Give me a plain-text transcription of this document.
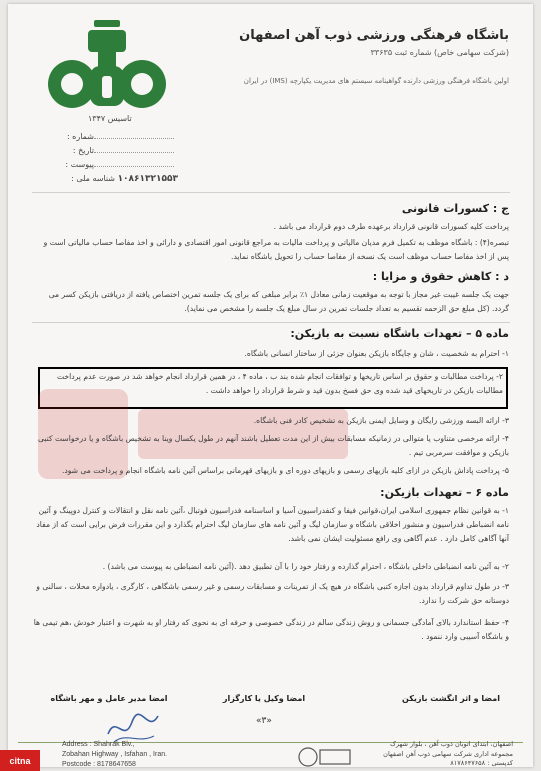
تاسیس ۱۳۴۷
باشگاه فرهنگی ورزشی ذوب آهن اصفهان
(شرکت سهامی خاص) شماره ثبت ۳۳۶۳۵
اولین باشگاه فرهنگی ورزشی دارنده گواهینامه سیستم های مدیریت یکپارچه (IMS) در ایران
شماره :
تاریخ :
پیوست :
شناسه ملی : ۱۰۸۶۱۳۲۱۵۵۳
ج : کسورات قانونی
پرداخت کلیه کسورات قانونی قرارداد برعهده طرف دوم قرارداد می باشد .
تبصره(۴) : باشگاه موظف به تکمیل فرم مدیان مالیاتی و پرداخت مالیات به مراجع قانونی امور اقتصادی و دارائی و اخذ مفاصا حساب مالیاتی است و پس از اخذ مفاصا حساب موظف است یک نسخه از مفاصا حساب را تحویل باشگاه نماید.
د : کاهش حقوق و مزایا :
جهت یک جلسه غیبت غیر مجاز با توجه به موقعیت زمانی معادل ۱٪ برابر مبلغی که برای یک جلسه تمرین اختصاص یافته از دریافتی بازیکن کسر می گردد. (کل مبلغ حق الزحمه تقسیم به تعداد جلسات تمرین در سال مبلغ یک جلسه را مشخص می نماید).
ماده ۵ – تعهدات باشگاه نسبت به بازیکن:
۱- احترام به شخصیت ، شان و جایگاه بازیکن بعنوان جزئی از ساختار انسانی باشگاه.
۲- پرداخت مطالبات و حقوق بر اساس تاریخها و توافقات انجام شده بند ب ، ماده ۴ ، در همین قرارداد انجام خواهد شد در صورت عدم پرداخت مطالبات بازیکن در تاریخهای قید شده وی حق فسخ بدون قید و شرط قرارداد را خواهد داشت .
۳- ارائه البسه ورزشی رایگان و وسایل ایمنی بازیکن به تشخیص کادر فنی باشگاه.
۴- ارائه مرخصی متناوب یا متوالی در زمانیکه مسابقات بیش از این مدت تعطیل باشند آنهم در طول یکسال وینا به تشخیص باشگاه و یا درخواست کتبی بازیکن و موافقت سرمربی تیم .
۵- پرداخت پاداش بازیکن در ازای کلیه بازیهای رسمی و بازیهای دوره ای و بازیهای قهرمانی براساس آئین نامه باشگاه انجام و پرداخت می شود.
ماده ۶ – تعهدات بازیکن:
۱- به قوانین نظام جمهوری اسلامی ایران،قوانین فیفا و کنفدراسیون آسیا و اساسنامه فدراسیون فوتبال ،آئین نامه نقل و انتقالات و کنترل دوپینگ و آئین نامه انضباطی فدراسیون و منشور اخلاقی باشگاه و سازمان لیگ و آئین نامه های سازمان لیگ احترام بگذارد و این مقررات فرض برایی است که از مفاد آنها آگاهی کامل دارد . عدم آگاهی وی رافع مسئولیت ایشان نمی باشد.
۲- به آئین نامه انضباطی داخلی باشگاه ، احترام گذارده و رفتار خود را با آن تطبیق دهد .(آئین نامه انضباطی به پیوست می باشد) .
۳- در طول تداوم قرارداد بدون اجازه کتبی باشگاه در هیچ یک از تمرینات و مسابقات رسمی و غیر رسمی باشگاهی ، کارگری ، یادواره محلات ، سالنی و دوستانه حق شرکت را ندارد.
۴- حفظ استاندارد بالای آمادگی جسمانی و روش زندگی سالم در زندگی خصوصی و حرفه ای به نحوی که رفتار او به شهرت و اعتبار خودش ،هم تیمی ها و باشگاه آسیبی وارد ننمود .
امضا و اثر انگشت بازیکن
امضا وکیل یا کارگزار
امضا مدیر عامل و مهر باشگاه
«۳»
Address : Shahrak Blv.,
Zobahan Highway , Isfahan , Iran.
Postcode : 8178647658
اصفهان، ابتدای اتوبان ذوب آهن ، بلوار شهرک
مجموعه اداری شرکت سهامی ذوب آهن اصفهان
کدپستی : ۸۱۷۸۶۴۷۶۵۸
citna
